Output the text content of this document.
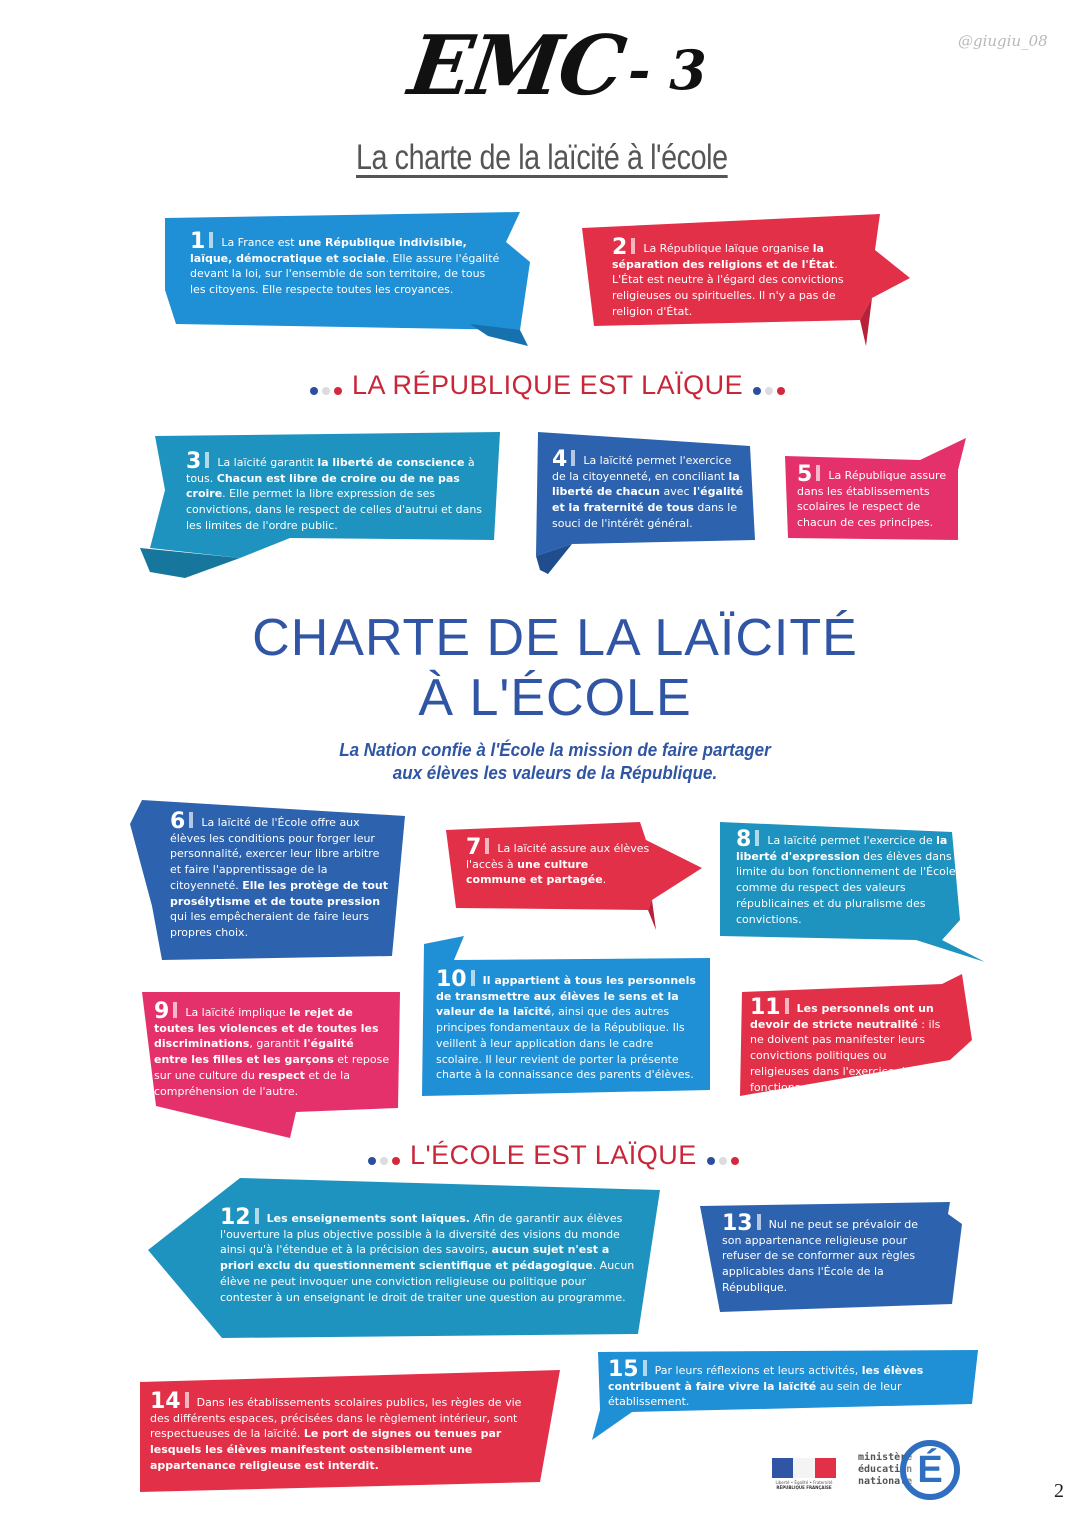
EMC
- 3	@giugiu_08
La charte de la laïcité à l'école
1 La France est une République indivisible, laïque, démocratique et sociale. Elle assure l'égalité devant la loi, sur l'ensemble de son territoire, de tous les citoyens. Elle respecte toutes les croyances.
2 La République laïque organise la séparation des religions et de l'État. L'État est neutre à l'égard des convictions religieuses ou spirituelles. Il n'y a pas de religion d'État.
3 La laïcité garantit la liberté de conscience à tous. Chacun est libre de croire ou de ne pas croire. Elle permet la libre expression de ses convictions, dans le respect de celles d'autrui et dans les limites de l'ordre public.
4 La laïcité permet l'exercice de la citoyenneté, en conciliant la liberté de chacun avec l'égalité et la fraternité de tous dans le souci de l'intérêt général.
5 La République assure dans les établissements scolaires le respect de chacun de ces principes.
6 La laïcité de l'École offre aux élèves les conditions pour forger leur personnalité, exercer leur libre arbitre et faire l'apprentissage de la citoyenneté. Elle les protège de tout prosélytisme et de toute pression qui les empêcheraient de faire leurs propres choix.
7 La laïcité assure aux élèves l'accès à une culture commune et partagée.
8 La laïcité permet l'exercice de la liberté d'expression des élèves dans la limite du bon fonctionnement de l'École comme du respect des valeurs républicaines et du pluralisme des convictions.
10 Il appartient à tous les personnels de transmettre aux élèves le sens et la valeur de la laïcité, ainsi que des autres principes fondamentaux de la République. Ils veillent à leur application dans le cadre scolaire. Il leur revient de porter la présente charte à la connaissance des parents d'élèves.
9 La laïcité implique le rejet de toutes les violences et de toutes les discriminations, garantit l'égalité entre les filles et les garçons et repose sur une culture du respect et de la compréhension de l'autre.
11 Les personnels ont un devoir de stricte neutralité : ils ne doivent pas manifester leurs convictions politiques ou religieuses dans l'exercice de leurs fonctions.
12 Les enseignements sont laïques. Afin de garantir aux élèves l'ouverture la plus objective possible à la diversité des visions du monde ainsi qu'à l'étendue et à la précision des savoirs, aucun sujet n'est a priori exclu du questionnement scientifique et pédagogique. Aucun élève ne peut invoquer une conviction religieuse ou politique pour contester à un enseignant le droit de traiter une question au programme.
13 Nul ne peut se prévaloir de son appartenance religieuse pour refuser de se conformer aux règles applicables dans l'École de la République.
15 Par leurs réflexions et leurs activités, les élèves contribuent à faire vivre la laïcité au sein de leur établissement.
14 Dans les établissements scolaires publics, les règles de vie des différents espaces, précisées dans le règlement intérieur, sont respectueuses de la laïcité. Le port de signes ou tenues par lesquels les élèves manifestent ostensiblement une appartenance religieuse est interdit.
LA RÉPUBLIQUE EST LAÏQUE
L'ÉCOLE EST LAÏQUE
CHARTE DE LA LAÏCITÉ
À L'ÉCOLE
La Nation confie à l'École la mission de faire partager
aux élèves les valeurs de la République.
Liberté • Égalité • Fraternité
RÉPUBLIQUE FRANÇAISE
ministère
éducation
nationale É
2
